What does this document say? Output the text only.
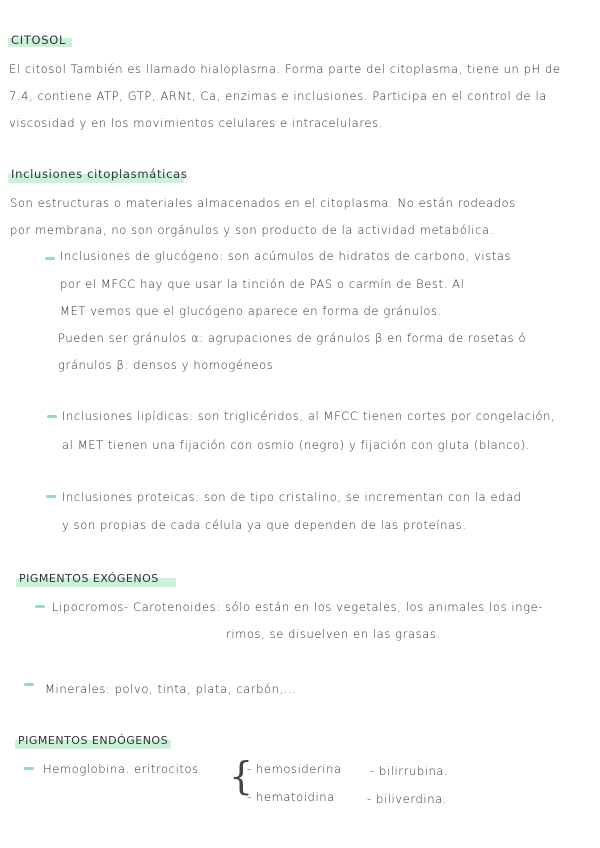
CITOSOL
El citosol También es llamado hialoplasma. Forma parte del citoplasma, tiene un pH de
7.4, contiene ATP, GTP, ARNt, Ca, enzimas e inclusiones. Participa en el control de la
viscosidad y en los movimientos celulares e intracelulares.
Inclusiones citoplasmáticas
Son estructuras o materiales almacenados en el citoplasma. No están rodeados
por membrana, no son orgánulos y son producto de la actividad metabólica.
Inclusiones de glucógeno: son acúmulos de hidratos de carbono, vistas
por el MFCC hay que usar la tinción de PAS o carmín de Best. Al
MET vemos que el glucógeno aparece en forma de gránulos.
Pueden ser gránulos α: agrupaciones de gránulos β en forma de rosetas ó
gránulos β: densos y homogéneos
Inclusiones lipídicas: son triglicéridos, al MFCC tienen cortes por congelación,
al MET tienen una fijación con osmio (negro) y fijación con gluta (blanco).
Inclusiones proteicas: son de tipo cristalino, se incrementan con la edad
y son propias de cada célula ya que dependen de las proteínas.
PIGMENTOS EXÓGENOS
Lipocromos- Carotenoides: sólo están en los vegetales, los animales los inge-
rimos, se disuelven en las grasas.
Minerales: polvo, tinta, plata, carbón,...
PIGMENTOS ENDÓGENOS
Hemoglobina. eritrocitos {
- hemosiderina
- hematoidina
- bilirrubina.
- biliverdina.
